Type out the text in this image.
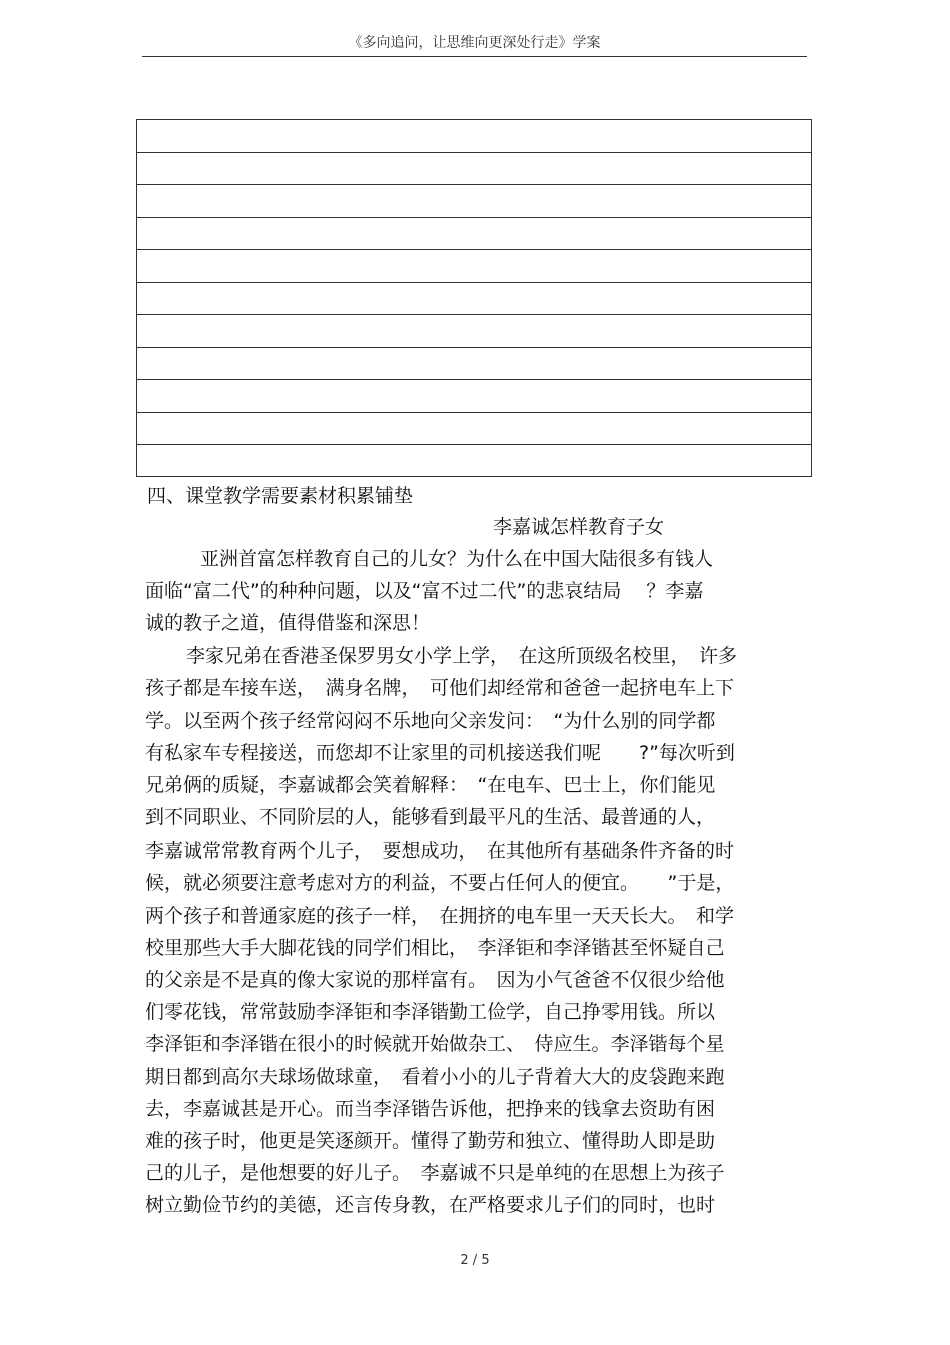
《多向追问，让思维向更深处行走》学案
四、课堂教学需要素材积累铺垫
李嘉诚怎样教育子女
亚洲首富怎样教育自己的儿女？为什么在中国大陆很多有钱人
面临“富二代”的种种问题，以及“富不过二代”的悲哀结局　 ？李嘉
诚的教子之道，值得借鉴和深思！
李家兄弟在香港圣保罗男女小学上学，　在这所顶级名校里，　许多
孩子都是车接车送，　满身名牌，　可他们却经常和爸爸一起挤电车上下
学。以至两个孩子经常闷闷不乐地向父亲发问：　“为什么别的同学都
有私家车专程接送，而您却不让家里的司机接送我们呢　　?”每次听到
兄弟俩的质疑，李嘉诚都会笑着解释：　“在电车、巴士上，你们能见
到不同职业、不同阶层的人，能够看到最平凡的生活、最普通的人，
李嘉诚常常教育两个儿子，　要想成功，　在其他所有基础条件齐备的时
候，就必须要注意考虑对方的利益，不要占任何人的便宜。　　”于是，
两个孩子和普通家庭的孩子一样，　在拥挤的电车里一天天长大。　和学
校里那些大手大脚花钱的同学们相比，　李泽钜和李泽锴甚至怀疑自己
的父亲是不是真的像大家说的那样富有。　因为小气爸爸不仅很少给他
们零花钱，常常鼓励李泽钜和李泽锴勤工俭学，自己挣零用钱。所以
李泽钜和李泽锴在很小的时候就开始做杂工、　侍应生。李泽锴每个星
期日都到高尔夫球场做球童，　看着小小的儿子背着大大的皮袋跑来跑
去，李嘉诚甚是开心。而当李泽锴告诉他，把挣来的钱拿去资助有困
难的孩子时，他更是笑逐颜开。懂得了勤劳和独立、懂得助人即是助
己的儿子，是他想要的好儿子。　李嘉诚不只是单纯的在思想上为孩子
树立勤俭节约的美德，还言传身教，在严格要求儿子们的同时，也时
2 / 5
